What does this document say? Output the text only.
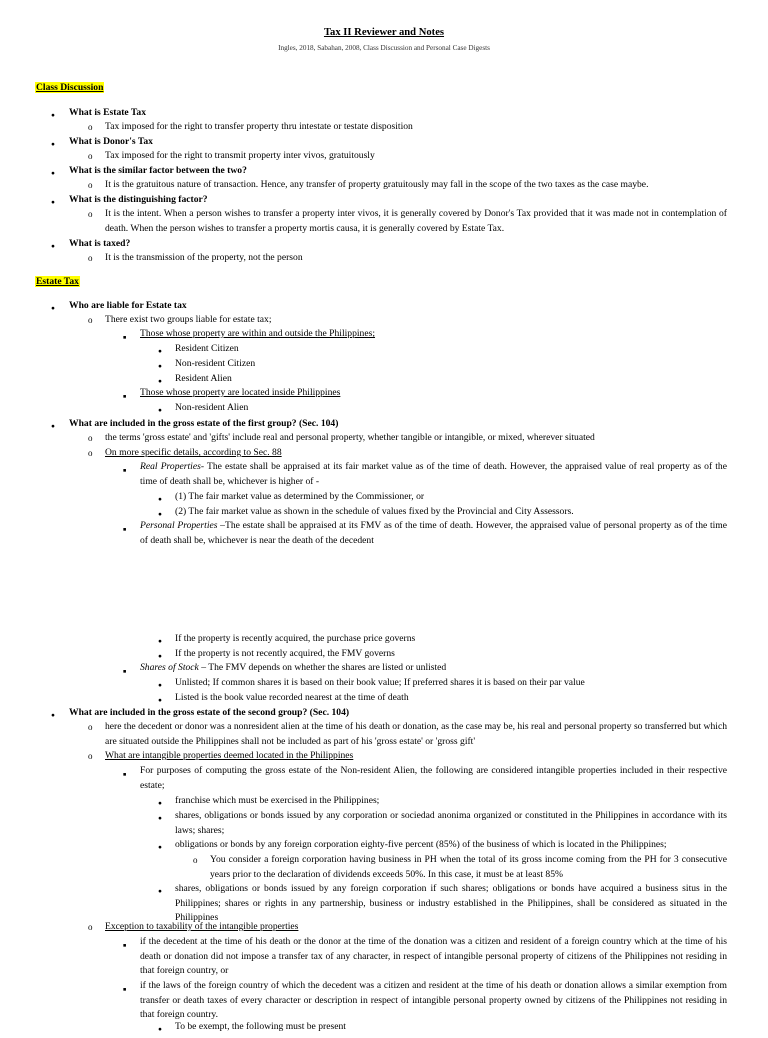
Tax II Reviewer and Notes
Ingles, 2018, Sabahan, 2008, Class Discussion and Personal Case Digests
Class Discussion
●
What is Estate Tax
o
Tax imposed for the right to transfer property thru intestate or testate disposition
●
What is Donor's Tax
o
Tax imposed for the right to transmit property inter vivos, gratuitously
●
What is the similar factor between the two?
o
It is the gratuitous nature of transaction. Hence, any transfer of property gratuitously may fall in the scope of the two taxes as the case maybe.
●
What is the distinguishing factor?
o
It is the intent. When a person wishes to transfer a property inter vivos, it is generally covered by Donor's Tax provided that it was made not in contemplation of death. When the person wishes to transfer a property mortis causa, it is generally covered by Estate Tax.
●
What is taxed?
o
It is the transmission of the property, not the person
Estate Tax
●
Who are liable for Estate tax
o
There exist two groups liable for estate tax;
■
Those whose property are within and outside the Philippines;
●
Resident Citizen
●
Non-resident Citizen
●
Resident Alien
■
Those whose property are located inside Philippines
●
Non-resident Alien
●
What are included in the gross estate of the first group? (Sec. 104)
o
the terms 'gross estate' and 'gifts' include real and personal property, whether tangible or intangible, or mixed, wherever situated
o
On more specific details, according to Sec. 88
■
Real Properties- The estate shall be appraised at its fair market value as of the time of death. However, the appraised value of real property as of the time of death shall be, whichever is higher of -
●
(1) The fair market value as determined by the Commissioner, or
●
(2) The fair market value as shown in the schedule of values fixed by the Provincial and City Assessors.
■
Personal Properties –The estate shall be appraised at its FMV as of the time of death. However, the appraised value of personal property as of the time of death shall be, whichever is near the death of the decedent
●
If the property is recently acquired, the purchase price governs
●
If the property is not recently acquired, the FMV governs
■
Shares of Stock – The FMV depends on whether the shares are listed or unlisted
●
Unlisted; If common shares it is based on their book value; If preferred shares it is based on their par value
●
Listed is the book value recorded nearest at the time of death
●
What are included in the gross estate of the second group? (Sec. 104)
o
here the decedent or donor was a nonresident alien at the time of his death or donation, as the case may be, his real and personal property so transferred but which are situated outside the Philippines shall not be included as part of his 'gross estate' or 'gross gift'
o
What are intangible properties deemed located in the Philippines
■
For purposes of computing the gross estate of the Non-resident Alien, the following are considered intangible properties included in their respective estate;
●
franchise which must be exercised in the Philippines;
●
shares, obligations or bonds issued by any corporation or sociedad anonima organized or constituted in the Philippines in accordance with its laws; shares;
●
obligations or bonds by any foreign corporation eighty-five percent (85%) of the business of which is located in the Philippines;
o
You consider a foreign corporation having business in PH when the total of its gross income coming from the PH for 3 consecutive years prior to the declaration of dividends exceeds 50%. In this case, it must be at least 85%
●
shares, obligations or bonds issued by any foreign corporation if such shares; obligations or bonds have acquired a business situs in the Philippines; shares or rights in any partnership, business or industry established in the Philippines, shall be considered as situated in the Philippines
o
Exception to taxability of the intangible properties
■
if the decedent at the time of his death or the donor at the time of the donation was a citizen and resident of a foreign country which at the time of his death or donation did not impose a transfer tax of any character, in respect of intangible personal property of citizens of the Philippines not residing in that foreign country, or
■
if the laws of the foreign country of which the decedent was a citizen and resident at the time of his death or donation allows a similar exemption from transfer or death taxes of every character or description in respect of intangible personal property owned by citizens of the Philippines not residing in that foreign country.
●
To be exempt, the following must be present
